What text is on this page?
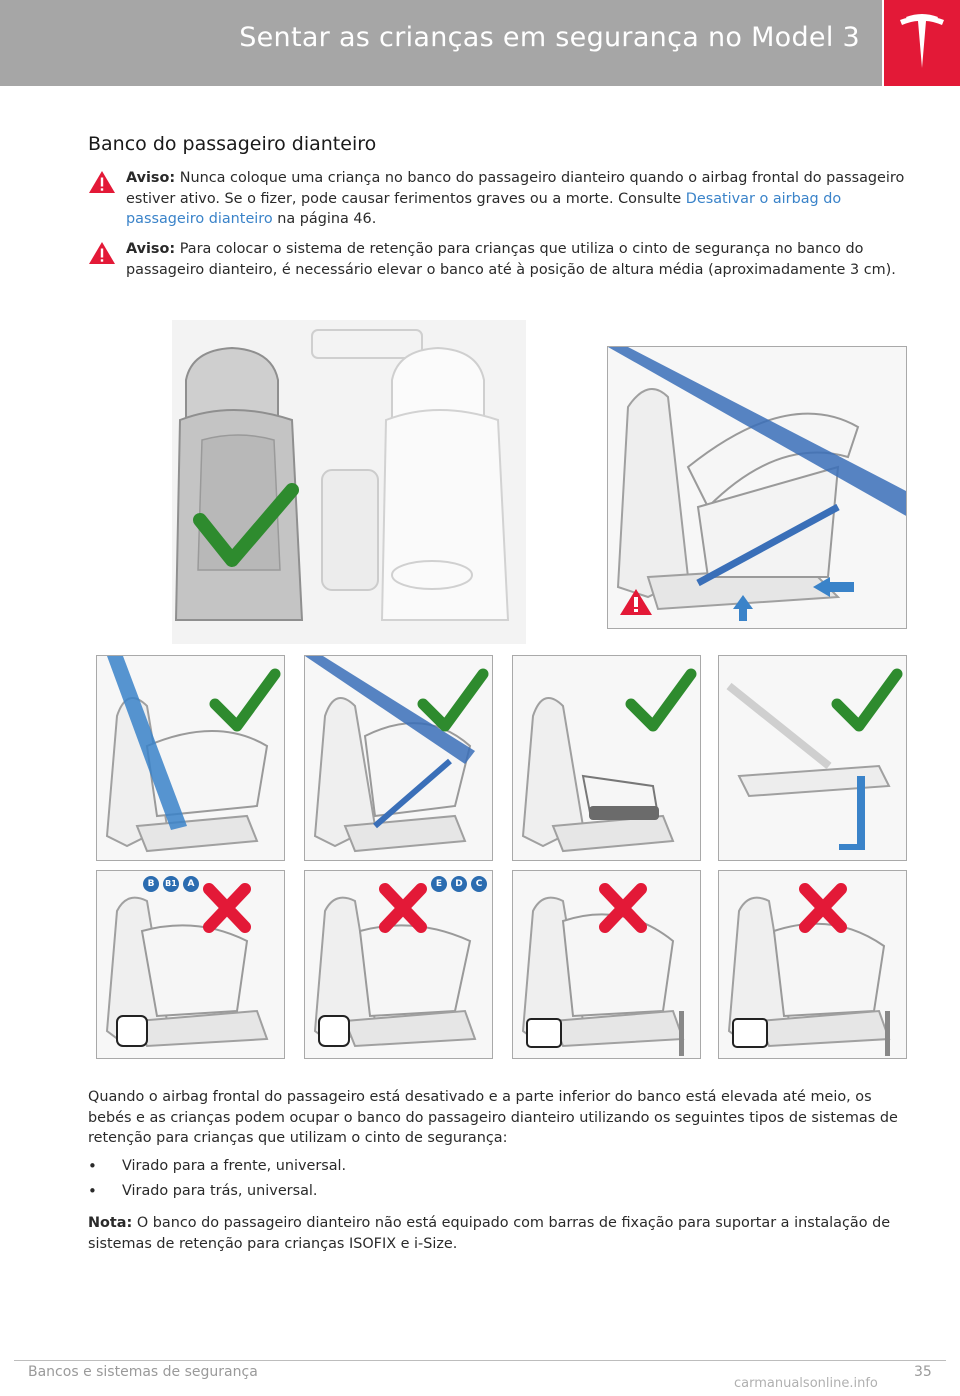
Sentar as crianças em segurança no Model 3
Banco do passageiro dianteiro
Aviso: Nunca coloque uma criança no banco do passageiro dianteiro quando o airbag frontal do passageiro estiver ativo. Se o fizer, pode causar ferimentos graves ou a morte. Consulte Desativar o airbag do passageiro dianteiro na página 46.
Aviso: Para colocar o sistema de retenção para crianças que utiliza o cinto de segurança no banco do passageiro dianteiro, é necessário elevar o banco até à posição de altura média (aproximadamente 3 cm).
B	B1	A	E	D	C
Quando o airbag frontal do passageiro está desativado e a parte inferior do banco está elevada até meio, os bebés e as crianças podem ocupar o banco do passageiro dianteiro utilizando os seguintes tipos de sistemas de retenção para crianças que utilizam o cinto de segurança:
• Virado para a frente, universal.
• Virado para trás, universal.
Nota: O banco do passageiro dianteiro não está equipado com barras de fixação para suportar a instalação de sistemas de retenção para crianças ISOFIX e i-Size.
Bancos e sistemas de segurança	35
carmanualsonline.info
